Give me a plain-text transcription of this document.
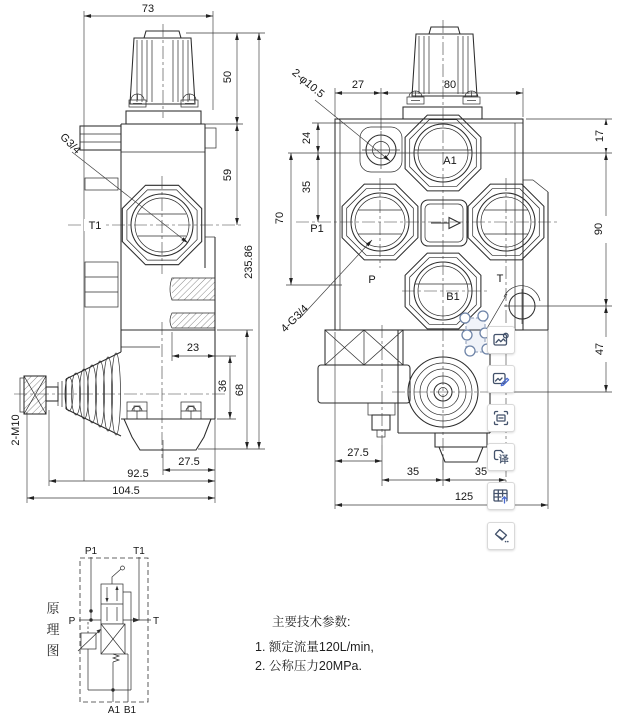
73
50
59
235.86
G3/4
T1
2-M10
23
36 68
27.5
92.5
104.5
2-φ10.5 27	80
17
90
47
24
35
70
A1
P1
P	T
B1
4-G3/4
27.5
35	35
125
原
理
图
P1	T1
P	T
A1 B1
主要技术参数:
1. 额定流量120L/min,
2. 公称压力20MPa.
译
